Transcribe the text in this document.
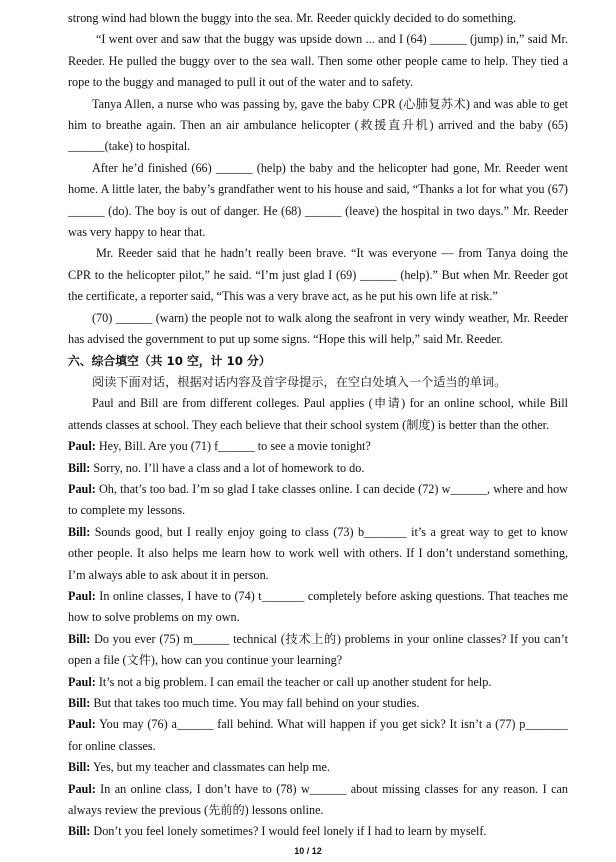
strong wind had blown the buggy into the sea. Mr. Reeder quickly decided to do something.
“I went over and saw that the buggy was upside down ... and I (64) ______ (jump) in,” said Mr. Reeder. He pulled the buggy over to the sea wall. Then some other people came to help. They tied a rope to the buggy and managed to pull it out of the water and to safety.
Tanya Allen, a nurse who was passing by, gave the baby CPR (心肺复苏术) and was able to get him to breathe again. Then an air ambulance helicopter (救援直升机) arrived and the baby (65) ______(take) to hospital.
After he’d finished (66) ______ (help) the baby and the helicopter had gone, Mr. Reeder went home. A little later, the baby’s grandfather went to his house and said, “Thanks a lot for what you (67) ______ (do). The boy is out of danger. He (68) ______ (leave) the hospital in two days.” Mr. Reeder was very happy to hear that.
Mr. Reeder said that he hadn’t really been brave. “It was everyone — from Tanya doing the CPR to the helicopter pilot,” he said. “I’m just glad I (69) ______ (help).” But when Mr. Reeder got the certificate, a reporter said, “This was a very brave act, as he put his own life at risk.”
(70) ______ (warn) the people not to walk along the seafront in very windy weather, Mr. Reeder has advised the government to put up some signs. “Hope this will help,” said Mr. Reeder.
六、综合填空（共 10 空，计 10 分）
阅读下面对话，根据对话内容及首字母提示，在空白处填入一个适当的单词。
Paul and Bill are from different colleges. Paul applies (申请) for an online school, while Bill attends classes at school. They each believe that their school system (制度) is better than the other.
Paul: Hey, Bill. Are you (71) f______ to see a movie tonight?
Bill: Sorry, no. I’ll have a class and a lot of homework to do.
Paul: Oh, that’s too bad. I’m so glad I take classes online. I can decide (72) w______, where and how to complete my lessons.
Bill: Sounds good, but I really enjoy going to class (73) b_______ it’s a great way to get to know other people. It also helps me learn how to work well with others. If I don’t understand something, I’m always able to ask about it in person.
Paul: In online classes, I have to (74) t_______ completely before asking questions. That teaches me how to solve problems on my own.
Bill: Do you ever (75) m______ technical (技术上的) problems in your online classes? If you can’t open a file (文件), how can you continue your learning?
Paul: It’s not a big problem. I can email the teacher or call up another student for help.
Bill: But that takes too much time. You may fall behind on your studies.
Paul: You may (76) a______ fall behind. What will happen if you get sick? It isn’t a (77) p_______ for online classes.
Bill: Yes, but my teacher and classmates can help me.
Paul: In an online class, I don’t have to (78) w______ about missing classes for any reason. I can always review the previous (先前的) lessons online.
Bill: Don’t you feel lonely sometimes? I would feel lonely if I had to learn by myself.
10 / 12
